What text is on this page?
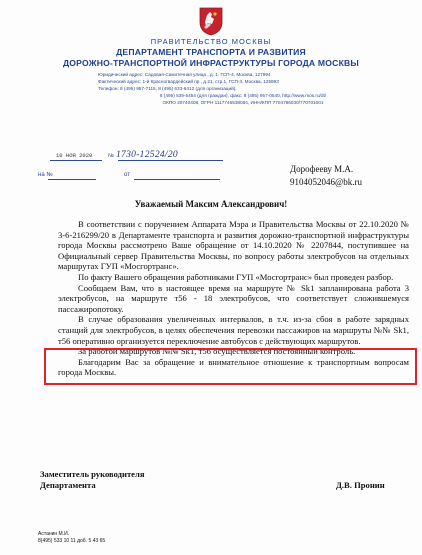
ПРАВИТЕЛЬСТВО МОСКВЫ
ДЕПАРТАМЕНТ ТРАНСПОРТА И РАЗВИТИЯ
ДОРОЖНО-ТРАНСПОРТНОЙ ИНФРАСТРУКТУРЫ ГОРОДА МОСКВЫ
Юридический адрес: Садовая-Самотечная улица , д. 1, ГСП-4, Москва, 127994
Фактический адрес: 1-й Красногвардейский пр., д.21, стр.1, ГСП-3, Москва, 125993
Телефон: 8 (495) 957-7115, 8 (495) 633-6412 (для организаций),
8 (495) 539-5454 (для граждан), факс: 8 (495) 957-0540, http://www.mos.ru/dt/
ОКПО 20740408, ОГРН 1117746538084, ИНН/КПП 7704786030/770701001
10 НОЯ 2020	№ 1730-12524/20
на №	от
Дорофееву М.А.
9104052046@bk.ru
Уважаемый Максим Александрович!

В соответствии с поручением Аппарата Мэра и Правительства Москвы от 22.10.2020 № 3-6-216299/20 в Департаменте транспорта и развития дорожно-транспортной инфраструктуры города Москвы рассмотрено Ваше обращение от 14.10.2020 № 2207844, поступившее на Официальный сервер Правительства Москвы, по вопросу работы электробусов на отдельных маршрутах ГУП «Мосгортранс».

По факту Вашего обращения работниками ГУП «Мосгортранс» был проведен разбор.

Сообщаем Вам, что в настоящее время на маршруте № Sk1 запланирована работа 3 электробусов, на маршруте т56 - 18 электробусов, что соответствует сложившемуся пассажиропотоку.

В случае образования увеличенных интервалов, в т.ч. из-за сбоя в работе зарядных станций для электробусов, в целях обеспечения перевозки пассажиров на маршруты №№ Sk1, т56 оперативно организуется переключение автобусов с действующих маршрутов.

За работой маршрутов №№ Sk1, т56 осуществляется постоянный контроль.

Благодарим Вас за обращение и внимательное отношение к транспортным вопросам города Москвы.

Заместитель руководителя
Департамента	Д.В. Пронин
Астанин М.И.
8(495) 533 10 11 доб. 5 43 65
